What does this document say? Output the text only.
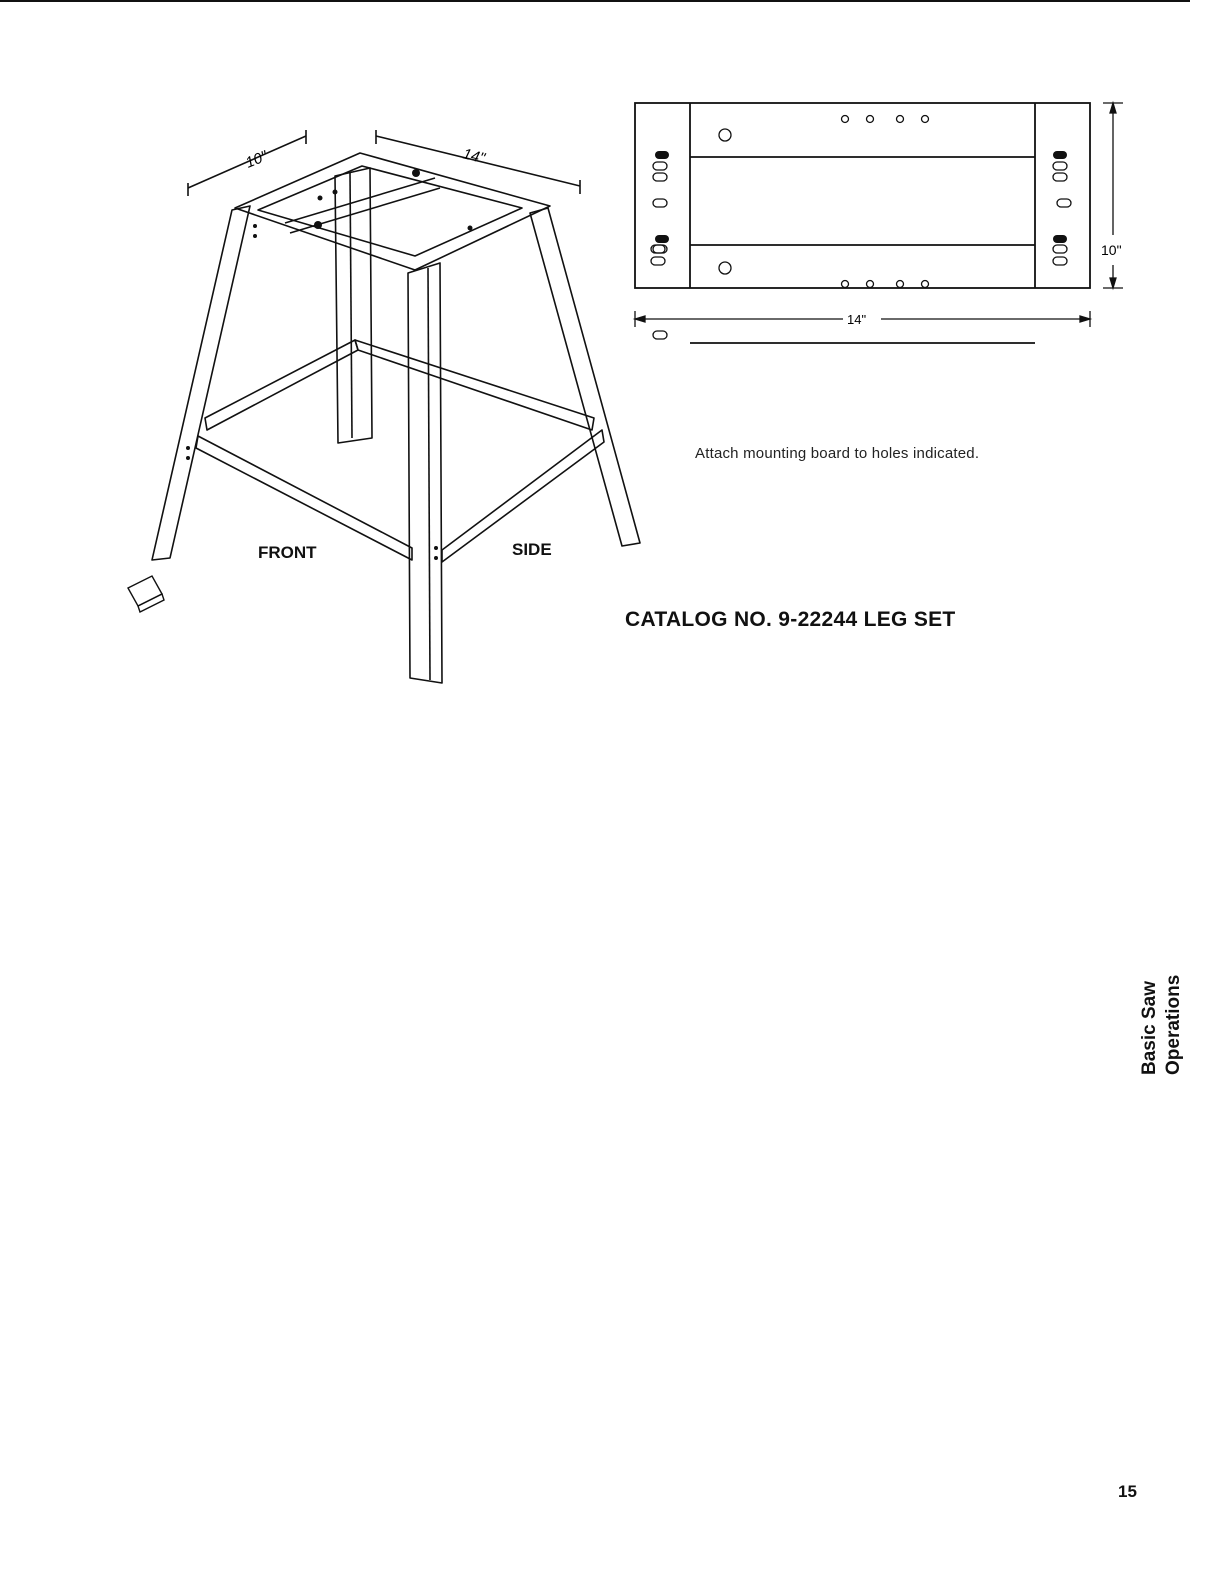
10"	14"
FRONT	SIDE
10"
14"
Attach mounting board to holes indicated.
CATALOG NO. 9-22244 LEG SET
Basic Saw Operations
15
